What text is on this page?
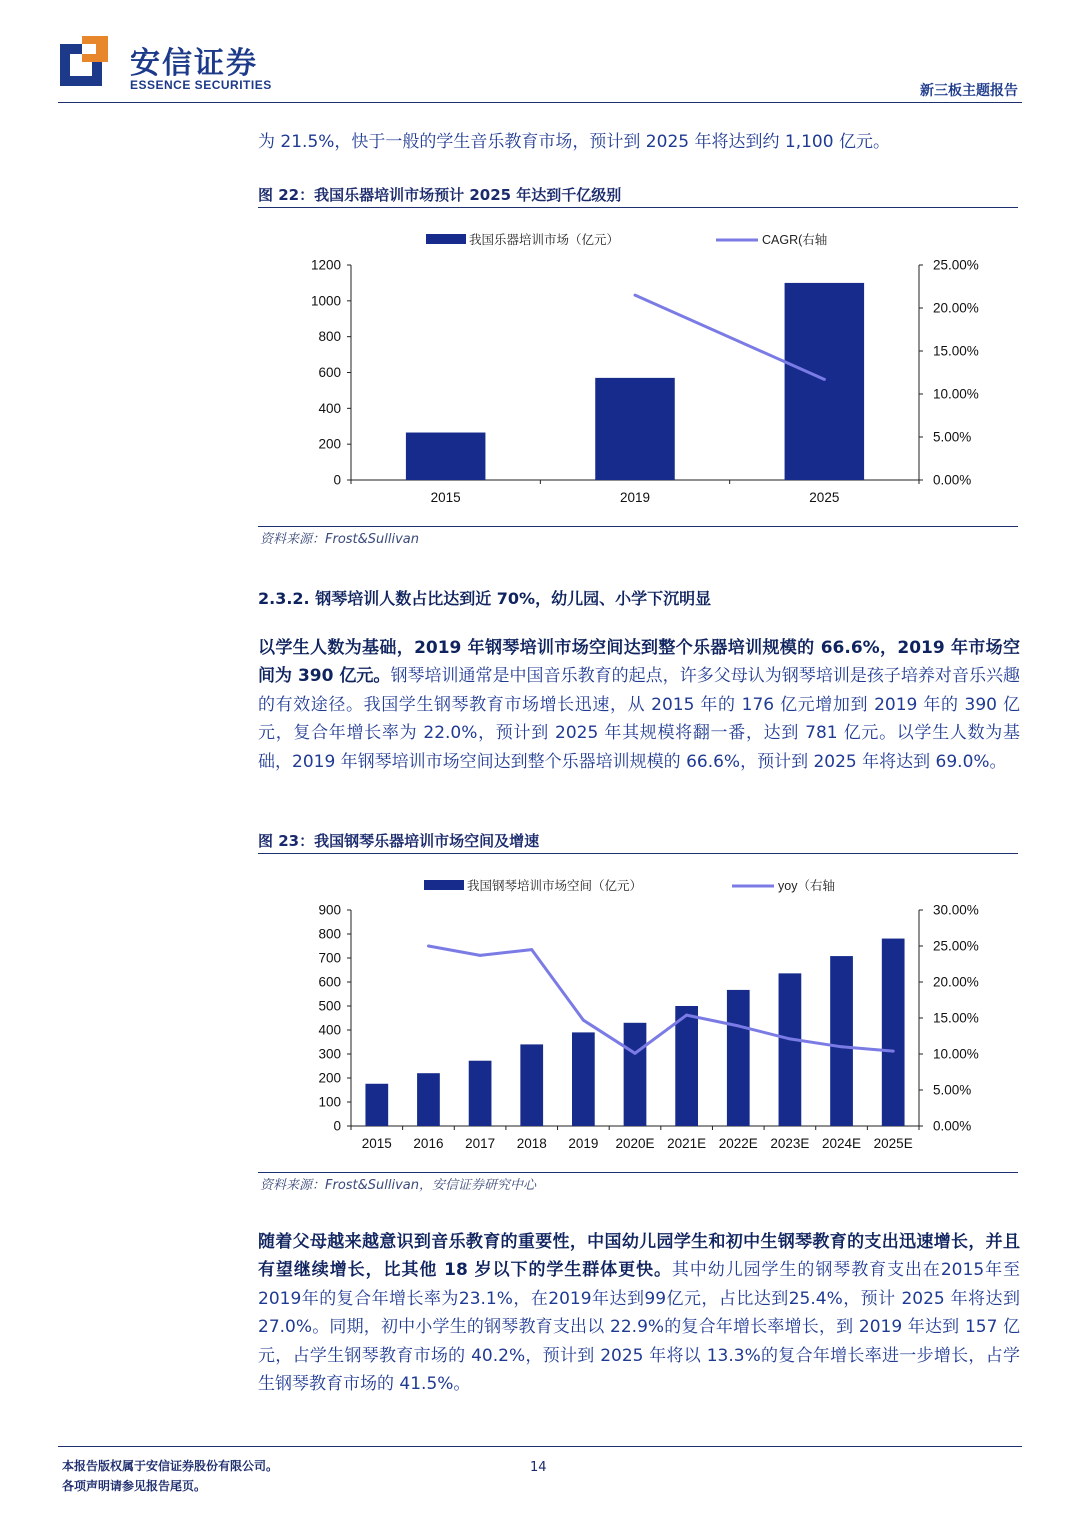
安信证券
ESSENCE SECURITIES	新三板主题报告
为 21.5%，快于一般的学生音乐教育市场，预计到 2025 年将达到约 1,100 亿元。
图 22：我国乐器培训市场预计 2025 年达到千亿级别
我国乐器培训市场（亿元）	CAGR(右轴
0
200
400
600
800
1000
1200
0.00%
5.00%
10.00%
15.00%
20.00%
25.00%
2015	2019	2025
资料来源：Frost&Sullivan
2.3.2. 钢琴培训人数占比达到近 70%，幼儿园、小学下沉明显
以学生人数为基础，2019 年钢琴培训市场空间达到整个乐器培训规模的 66.6%，2019 年市场空间为 390 亿元。钢琴培训通常是中国音乐教育的起点，许多父母认为钢琴培训是孩子培养对音乐兴趣的有效途径。我国学生钢琴教育市场增长迅速，从 2015 年的 176 亿元增加到 2019 年的 390 亿元，复合年增长率为 22.0%，预计到 2025 年其规模将翻一番，达到 781 亿元。以学生人数为基础，2019 年钢琴培训市场空间达到整个乐器培训规模的 66.6%，预计到 2025 年将达到 69.0%。
图 23：我国钢琴乐器培训市场空间及增速
我国钢琴培训市场空间（亿元）	yoy（右轴
0
100
200
300
400
500
600
700
800
900
0.00%
5.00%
10.00%
15.00%
20.00%
25.00%
30.00%
2015 2016 2017 2018 2019 2020E 2021E 2022E 2023E 2024E 2025E
资料来源：Frost&Sullivan，安信证券研究中心
随着父母越来越意识到音乐教育的重要性，中国幼儿园学生和初中生钢琴教育的支出迅速增长，并且有望继续增长，比其他 18 岁以下的学生群体更快。其中幼儿园学生的钢琴教育支出在2015年至2019年的复合年增长率为23.1%，在2019年达到99亿元，占比达到25.4%，预计 2025 年将达到 27.0%。同期，初中小学生的钢琴教育支出以 22.9%的复合年增长率增长，到 2019 年达到 157 亿元，占学生钢琴教育市场的 40.2%，预计到 2025 年将以 13.3%的复合年增长率进一步增长，占学生钢琴教育市场的 41.5%。
本报告版权属于安信证券股份有限公司。
各项声明请参见报告尾页。
14
